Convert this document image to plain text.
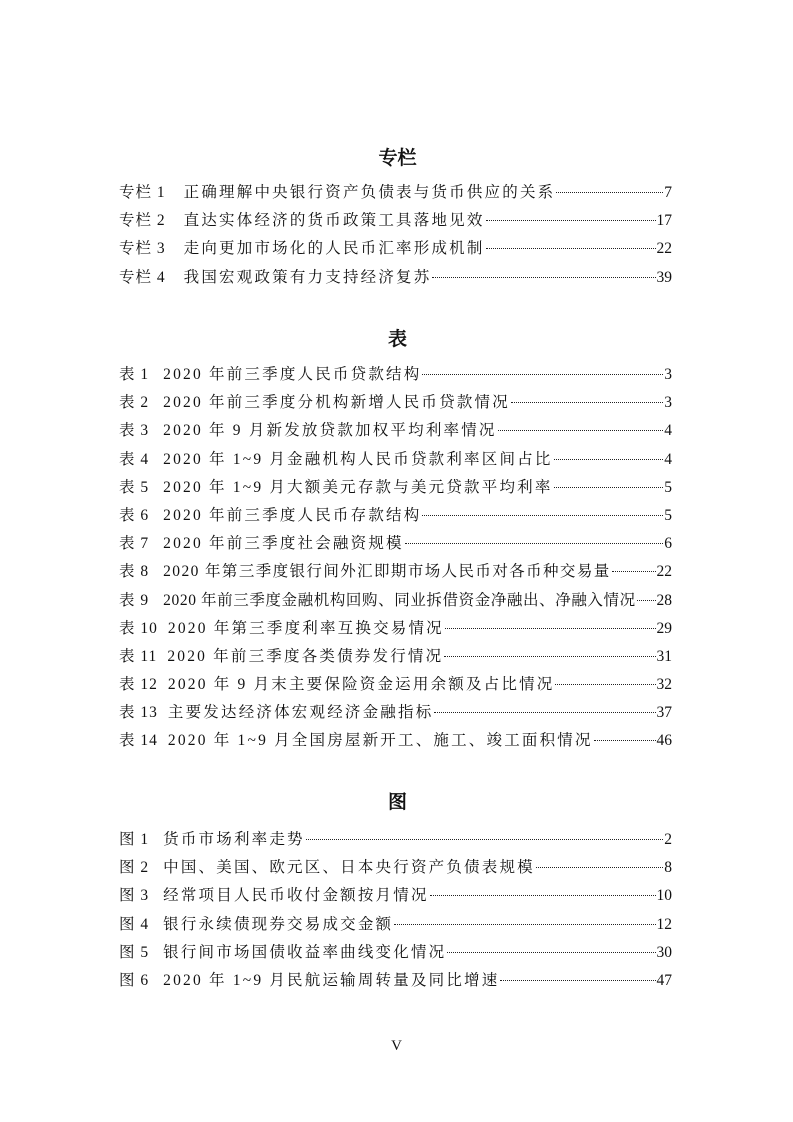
专栏
专栏 1 正确理解中央银行资产负债表与货币供应的关系	7
专栏 2 直达实体经济的货币政策工具落地见效	17
专栏 3 走向更加市场化的人民币汇率形成机制	22
专栏 4 我国宏观政策有力支持经济复苏	39
表
表 1 2020 年前三季度人民币贷款结构	3
表 2 2020 年前三季度分机构新增人民币贷款情况	3
表 3 2020 年 9 月新发放贷款加权平均利率情况	4
表 4 2020 年 1~9 月金融机构人民币贷款利率区间占比	4
表 5 2020 年 1~9 月大额美元存款与美元贷款平均利率	5
表 6 2020 年前三季度人民币存款结构	5
表 7 2020 年前三季度社会融资规模	6
表 8 2020 年第三季度银行间外汇即期市场人民币对各币种交易量	22
表 9 2020 年前三季度金融机构回购、同业拆借资金净融出、净融入情况 28
表 10 2020 年第三季度利率互换交易情况	29
表 11 2020 年前三季度各类债券发行情况	31
表 12 2020 年 9 月末主要保险资金运用余额及占比情况	32
表 13 主要发达经济体宏观经济金融指标	37
表 14 2020 年 1~9 月全国房屋新开工、施工、竣工面积情况	46
图
图 1 货币市场利率走势	2
图 2 中国、美国、欧元区、日本央行资产负债表规模	8
图 3 经常项目人民币收付金额按月情况	10
图 4 银行永续债现券交易成交金额	12
图 5 银行间市场国债收益率曲线变化情况	30
图 6 2020 年 1~9 月民航运输周转量及同比增速	47
V
